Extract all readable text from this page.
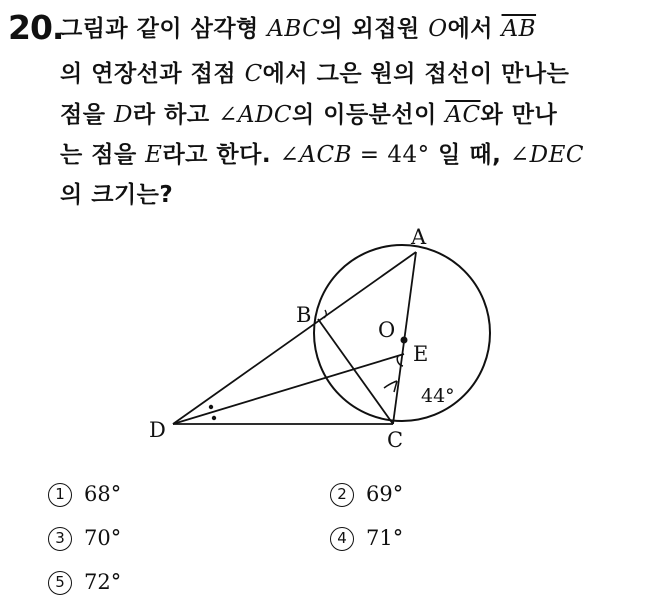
20.
그림과 같이 삼각형 ABC의 외접원 O에서 $\overline{AB}$
의 연장선과 접점 C에서 그은 원의 접선이 만나는
점을 D라 하고 ∠ADC의 이등분선이 $\overline{AC}$와 만나
는 점을 E라고 한다. ∠ACB = 44° 일 때, ∠DEC
의 크기는?
A
B
C
D
E
O
44°
1 68°	2 69°
3 70°	4 71°
5 72°
